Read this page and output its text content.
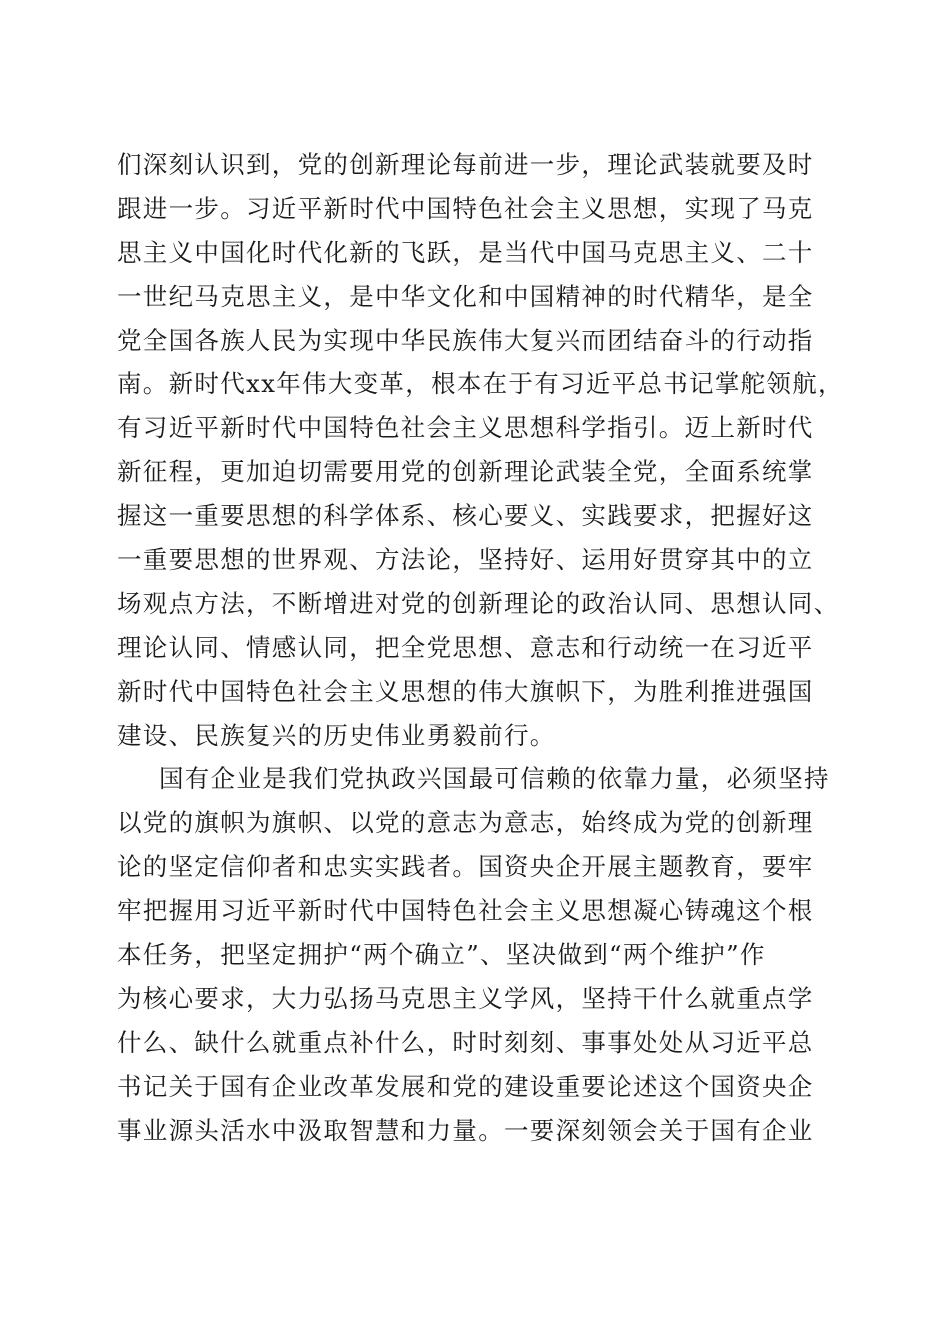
们深刻认识到，党的创新理论每前进一步，理论武装就要及时
跟进一步。习近平新时代中国特色社会主义思想，实现了马克
思主义中国化时代化新的飞跃，是当代中国马克思主义、二十
一世纪马克思主义，是中华文化和中国精神的时代精华，是全
党全国各族人民为实现中华民族伟大复兴而团结奋斗的行动指
南。新时代xx年伟大变革，根本在于有习近平总书记掌舵领航，
有习近平新时代中国特色社会主义思想科学指引。迈上新时代
新征程，更加迫切需要用党的创新理论武装全党，全面系统掌
握这一重要思想的科学体系、核心要义、实践要求，把握好这
一重要思想的世界观、方法论，坚持好、运用好贯穿其中的立
场观点方法，不断增进对党的创新理论的政治认同、思想认同、
理论认同、情感认同，把全党思想、意志和行动统一在习近平
新时代中国特色社会主义思想的伟大旗帜下，为胜利推进强国
建设、民族复兴的历史伟业勇毅前行。
国有企业是我们党执政兴国最可信赖的依靠力量，必须坚持
以党的旗帜为旗帜、以党的意志为意志，始终成为党的创新理
论的坚定信仰者和忠实实践者。国资央企开展主题教育，要牢
牢把握用习近平新时代中国特色社会主义思想凝心铸魂这个根
本任务，把坚定拥护“两个确立”、坚决做到“两个维护”作
为核心要求，大力弘扬马克思主义学风，坚持干什么就重点学
什么、缺什么就重点补什么，时时刻刻、事事处处从习近平总
书记关于国有企业改革发展和党的建设重要论述这个国资央企
事业源头活水中汲取智慧和力量。一要深刻领会关于国有企业
